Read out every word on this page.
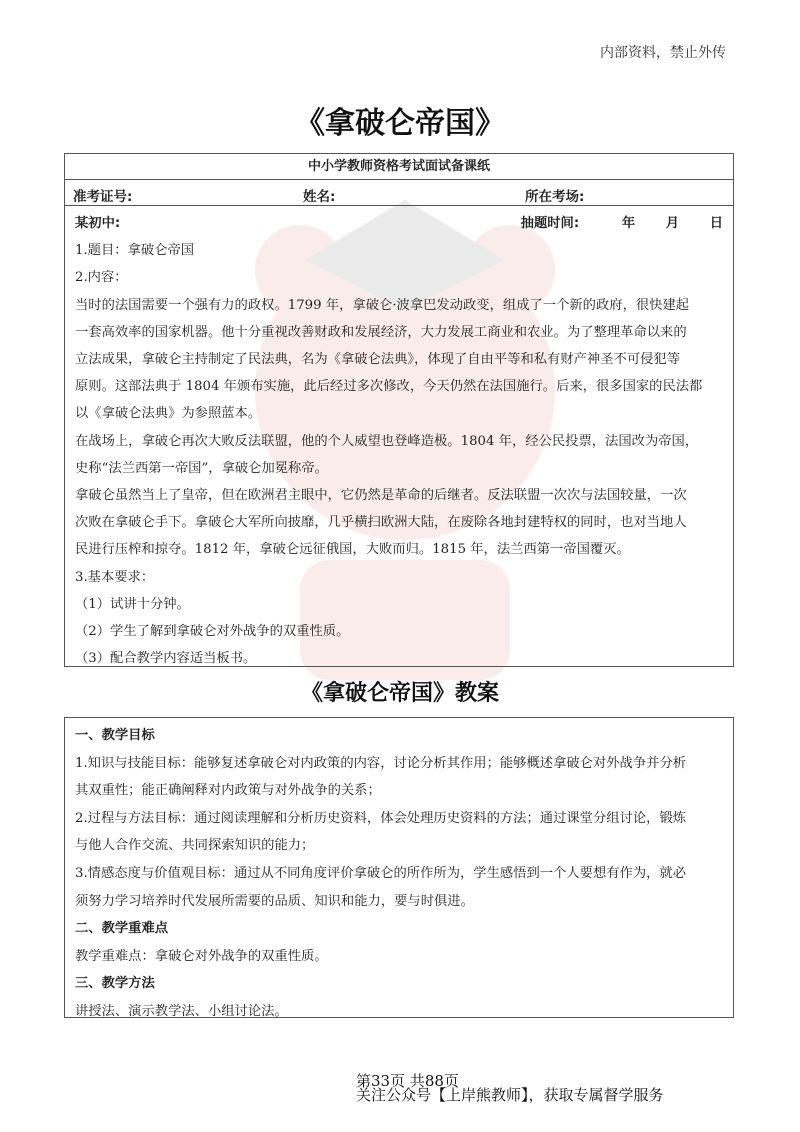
内部资料，禁止外传
《拿破仑帝国》
中小学教师资格考试面试备课纸
准考证号:	姓名:	所在考场:

某初中:	抽题时间:	年 月 日

1.题目：拿破仑帝国

2.内容：

当时的法国需要一个强有力的政权。1799 年，拿破仑·波拿巴发动政变，组成了一个新的政府，很快建起

一套高效率的国家机器。他十分重视改善财政和发展经济，大力发展工商业和农业。为了整理革命以来的

立法成果，拿破仑主持制定了民法典，名为《拿破仑法典》，体现了自由平等和私有财产神圣不可侵犯等

原则。这部法典于 1804 年颁布实施，此后经过多次修改，今天仍然在法国施行。后来，很多国家的民法都

以《拿破仑法典》为参照蓝本。

在战场上，拿破仑再次大败反法联盟，他的个人威望也登峰造极。1804 年，经公民投票，法国改为帝国，

史称“法兰西第一帝国”，拿破仑加冕称帝。

拿破仑虽然当上了皇帝，但在欧洲君主眼中，它仍然是革命的后继者。反法联盟一次次与法国较量，一次

次败在拿破仑手下。拿破仑大军所向披靡，几乎横扫欧洲大陆，在废除各地封建特权的同时，也对当地人

民进行压榨和掠夺。1812 年，拿破仑远征俄国，大败而归。1815 年，法兰西第一帝国覆灭。

3.基本要求：

（1）试讲十分钟。

（2）学生了解到拿破仑对外战争的双重性质。

（3）配合教学内容适当板书。

《拿破仑帝国》教案

一、教学目标

1.知识与技能目标：能够复述拿破仑对内政策的内容，讨论分析其作用；能够概述拿破仑对外战争并分析

其双重性；能正确阐释对内政策与对外战争的关系；

2.过程与方法目标：通过阅读理解和分析历史资料，体会处理历史资料的方法；通过课堂分组讨论，锻炼

与他人合作交流、共同探索知识的能力；

3.情感态度与价值观目标：通过从不同角度评价拿破仑的所作所为，学生感悟到一个人要想有作为，就必

须努力学习培养时代发展所需要的品质、知识和能力，要与时俱进。

二、教学重难点

教学重难点：拿破仑对外战争的双重性质。

三、教学方法

讲授法、演示教学法、小组讨论法。

第33页 共88页
关注公众号【上岸熊教师】，获取专属督学服务
